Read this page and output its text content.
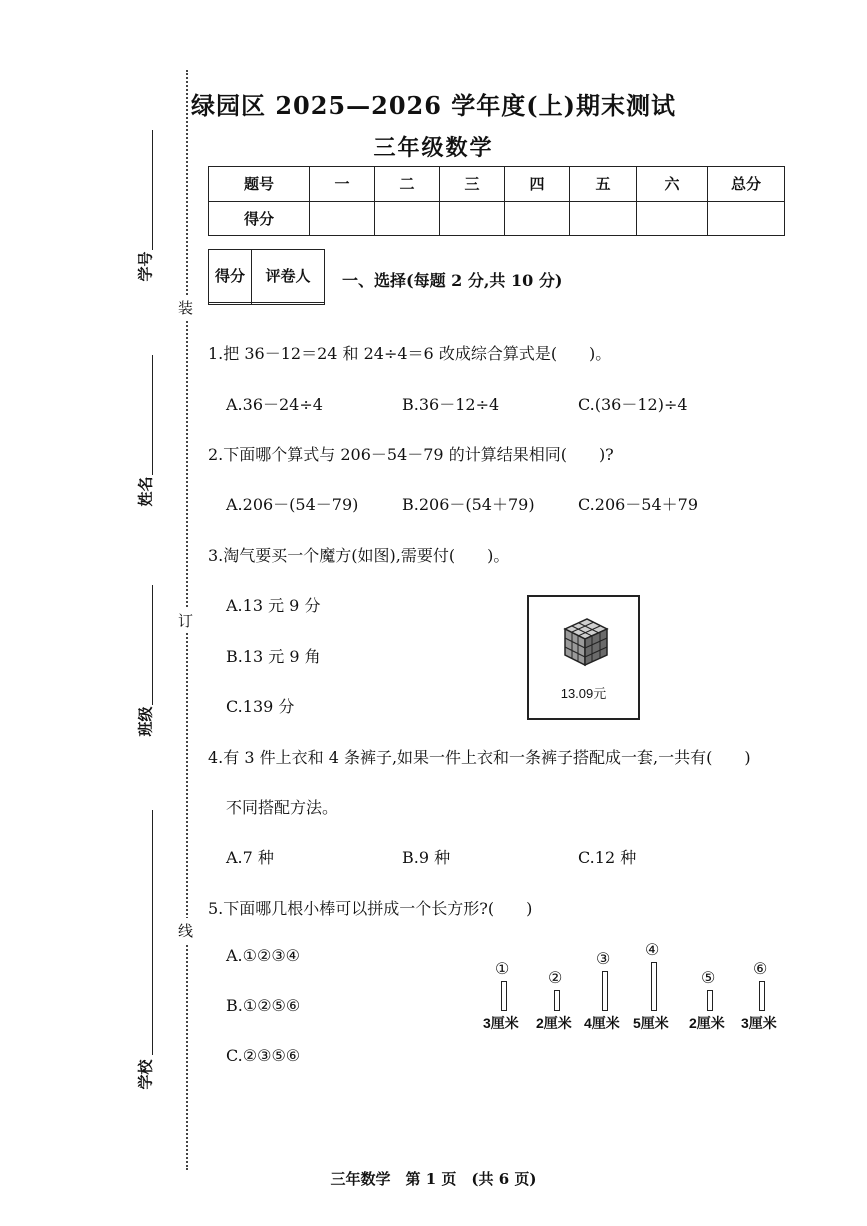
装
订
线
学号
姓名
班级
学校
绿园区 2025—2026 学年度(上)期末测试
三年级数学
题号	一	二	三	四	五	六	总分
得分							
得分	评卷人
	一、选择(每题 2 分,共 10 分)
1.把 36－12＝24 和 24÷4＝6 改成综合算式是(　　)。
A.36－24÷4	B.36－12÷4	C.(36－12)÷4
2.下面哪个算式与 206－54－79 的计算结果相同(　　)?
A.206－(54－79)	B.206－(54＋79)	C.206－54＋79
3.淘气要买一个魔方(如图),需要付(　　)。
A.13 元 9 分
B.13 元 9 角
C.139 分
13.09元
4.有 3 件上衣和 4 条裤子,如果一件上衣和一条裤子搭配成一套,一共有(　　)
不同搭配方法。
A.7 种	B.9 种	C.12 种
5.下面哪几根小棒可以拼成一个长方形?(　　)
A.①②③④
B.①②⑤⑥
C.②③⑤⑥
①
3厘米
②
2厘米
③
4厘米
④
5厘米
⑤
2厘米
⑥
3厘米
三年数学　第 1 页　(共 6 页)
